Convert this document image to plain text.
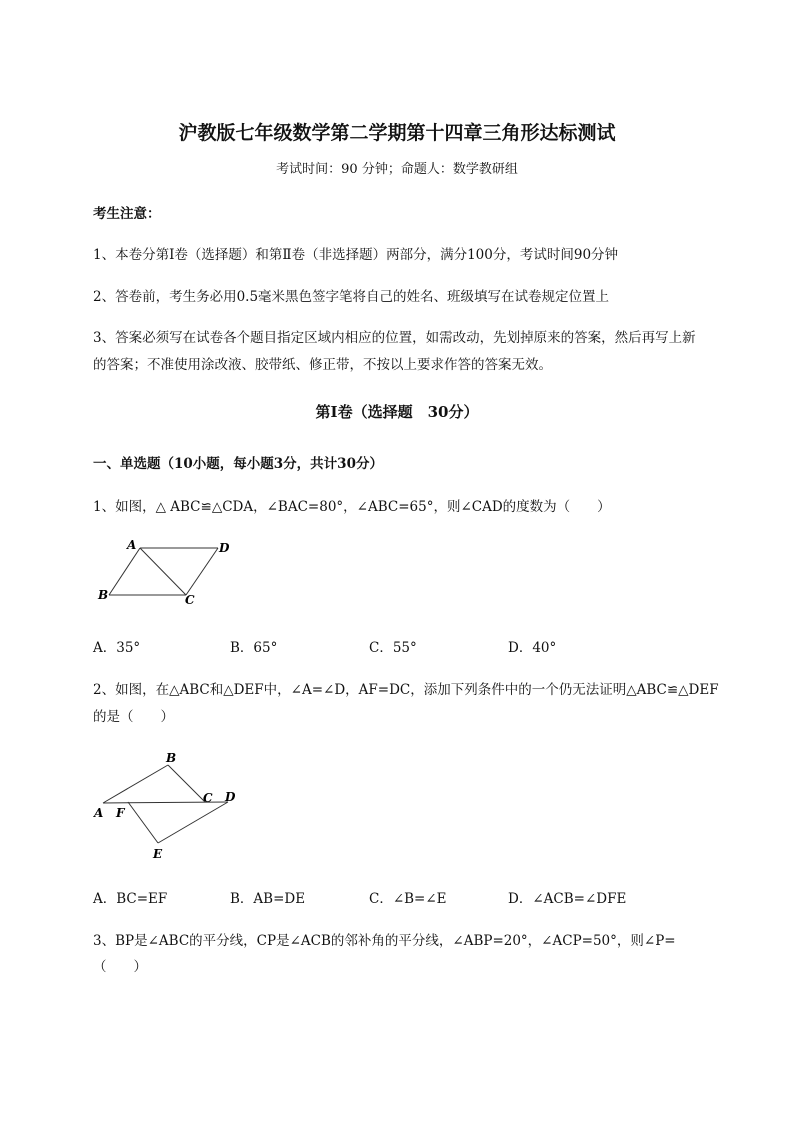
沪教版七年级数学第二学期第十四章三角形达标测试
考试时间：90 分钟；命题人：数学教研组
考生注意：
1、本卷分第Ⅰ卷（选择题）和第Ⅱ卷（非选择题）两部分，满分100分，考试时间90分钟
2、答卷前，考生务必用0.5毫米黑色签字笔将自己的姓名、班级填写在试卷规定位置上
3、答案必须写在试卷各个题目指定区域内相应的位置，如需改动，先划掉原来的答案，然后再写上新
的答案；不准使用涂改液、胶带纸、修正带，不按以上要求作答的答案无效。
第Ⅰ卷（选择题　30分）
一、单选题（10小题，每小题3分，共计30分）
1、如图，△ ABC≌△CDA，∠BAC=80°，∠ABC=65°，则∠CAD的度数为（　　）
A	D
B	C
A．35°	B．65°	C．55°	D．40°
2、如图，在△ABC和△DEF中，∠A=∠D，AF=DC，添加下列条件中的一个仍无法证明△ABC≌△DEF
的是（　　）
B
A F
C D
E
A．BC=EF	B．AB=DE	C．∠B=∠E	D．∠ACB=∠DFE
3、BP是∠ABC的平分线，CP是∠ACB的邻补角的平分线，∠ABP=20°，∠ACP=50°，则∠P=
（　　）
